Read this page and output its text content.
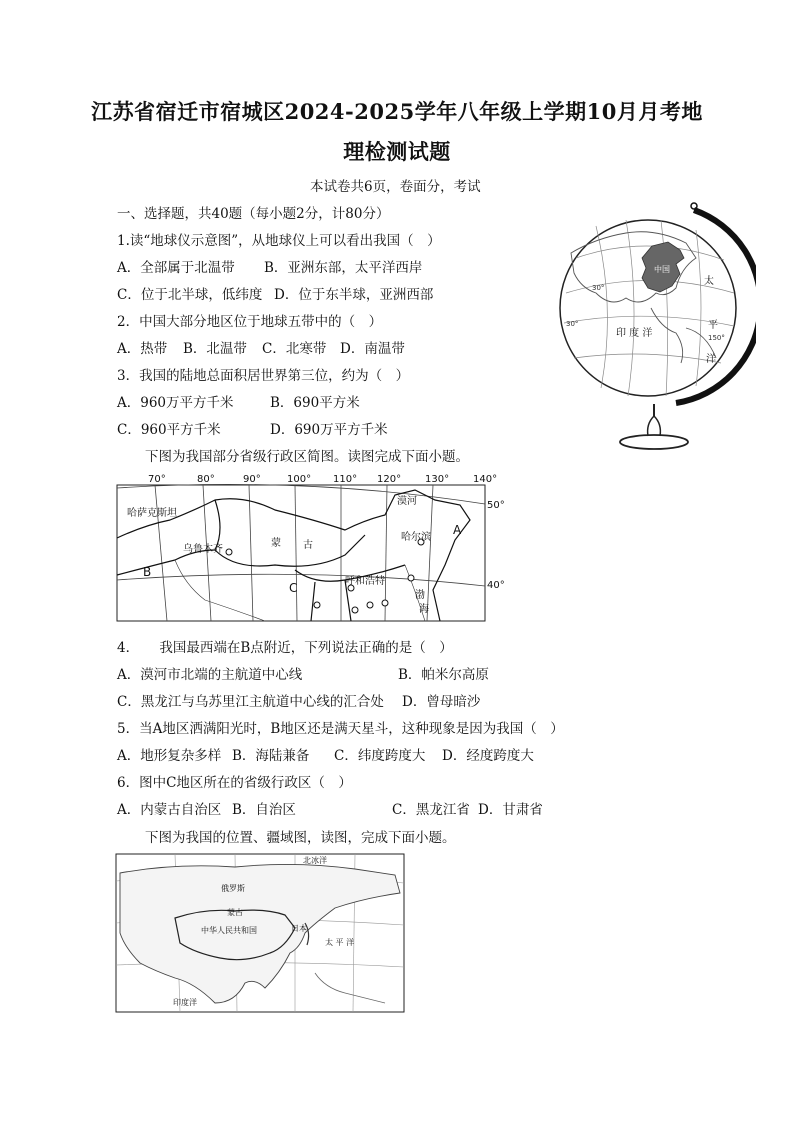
江苏省宿迁市宿城区2024-2025学年八年级上学期10月月考地
理检测试题
本试卷共6页，卷面分，考试
一、选择题，共40题（每小题2分，计80分）
1.读“地球仪示意图”，从地球仪上可以看出我国（　）
A．全部属于北温带 B．亚洲东部，太平洋西岸
C．位于北半球，低纬度 D．位于东半球，亚洲西部
2．中国大部分地区位于地球五带中的（　）
A．热带 B．北温带 C．北寒带 D．南温带
3．我国的陆地总面积居世界第三位，约为（　）
A．960万平方千米	B．690平方米
C．960平方千米	D．690万平方千米
下图为我国部分省级行政区简图。读图完成下面小题。
中国
太
平
洋
印 度 洋
30°
30°
150°
70°	80°	90°	100° 110° 120° 130° 140°
50°
40°
哈萨克斯坦
乌鲁木齐
蒙 古
哈尔滨
漠河
呼和浩特
A
B
C
渤
海
4．　　我国最西端在B点附近，下列说法正确的是（　）
A．漠河市北端的主航道中心线	B．帕米尔高原
C．黑龙江与乌苏里江主航道中心线的汇合处 D．曾母暗沙
5．当A地区洒满阳光时，B地区还是满天星斗，这种现象是因为我国（　）
A．地形复杂多样 B．海陆兼备 C．纬度跨度大 D．经度跨度大
6．图中C地区所在的省级行政区（　）
A．内蒙古自治区 B．自治区	C．黑龙江省 D．甘肃省
下图为我国的位置、疆域图，读图，完成下面小题。
北冰洋
俄罗斯
蒙古
中华人民共和国	日本
太 平 洋
印度洋
